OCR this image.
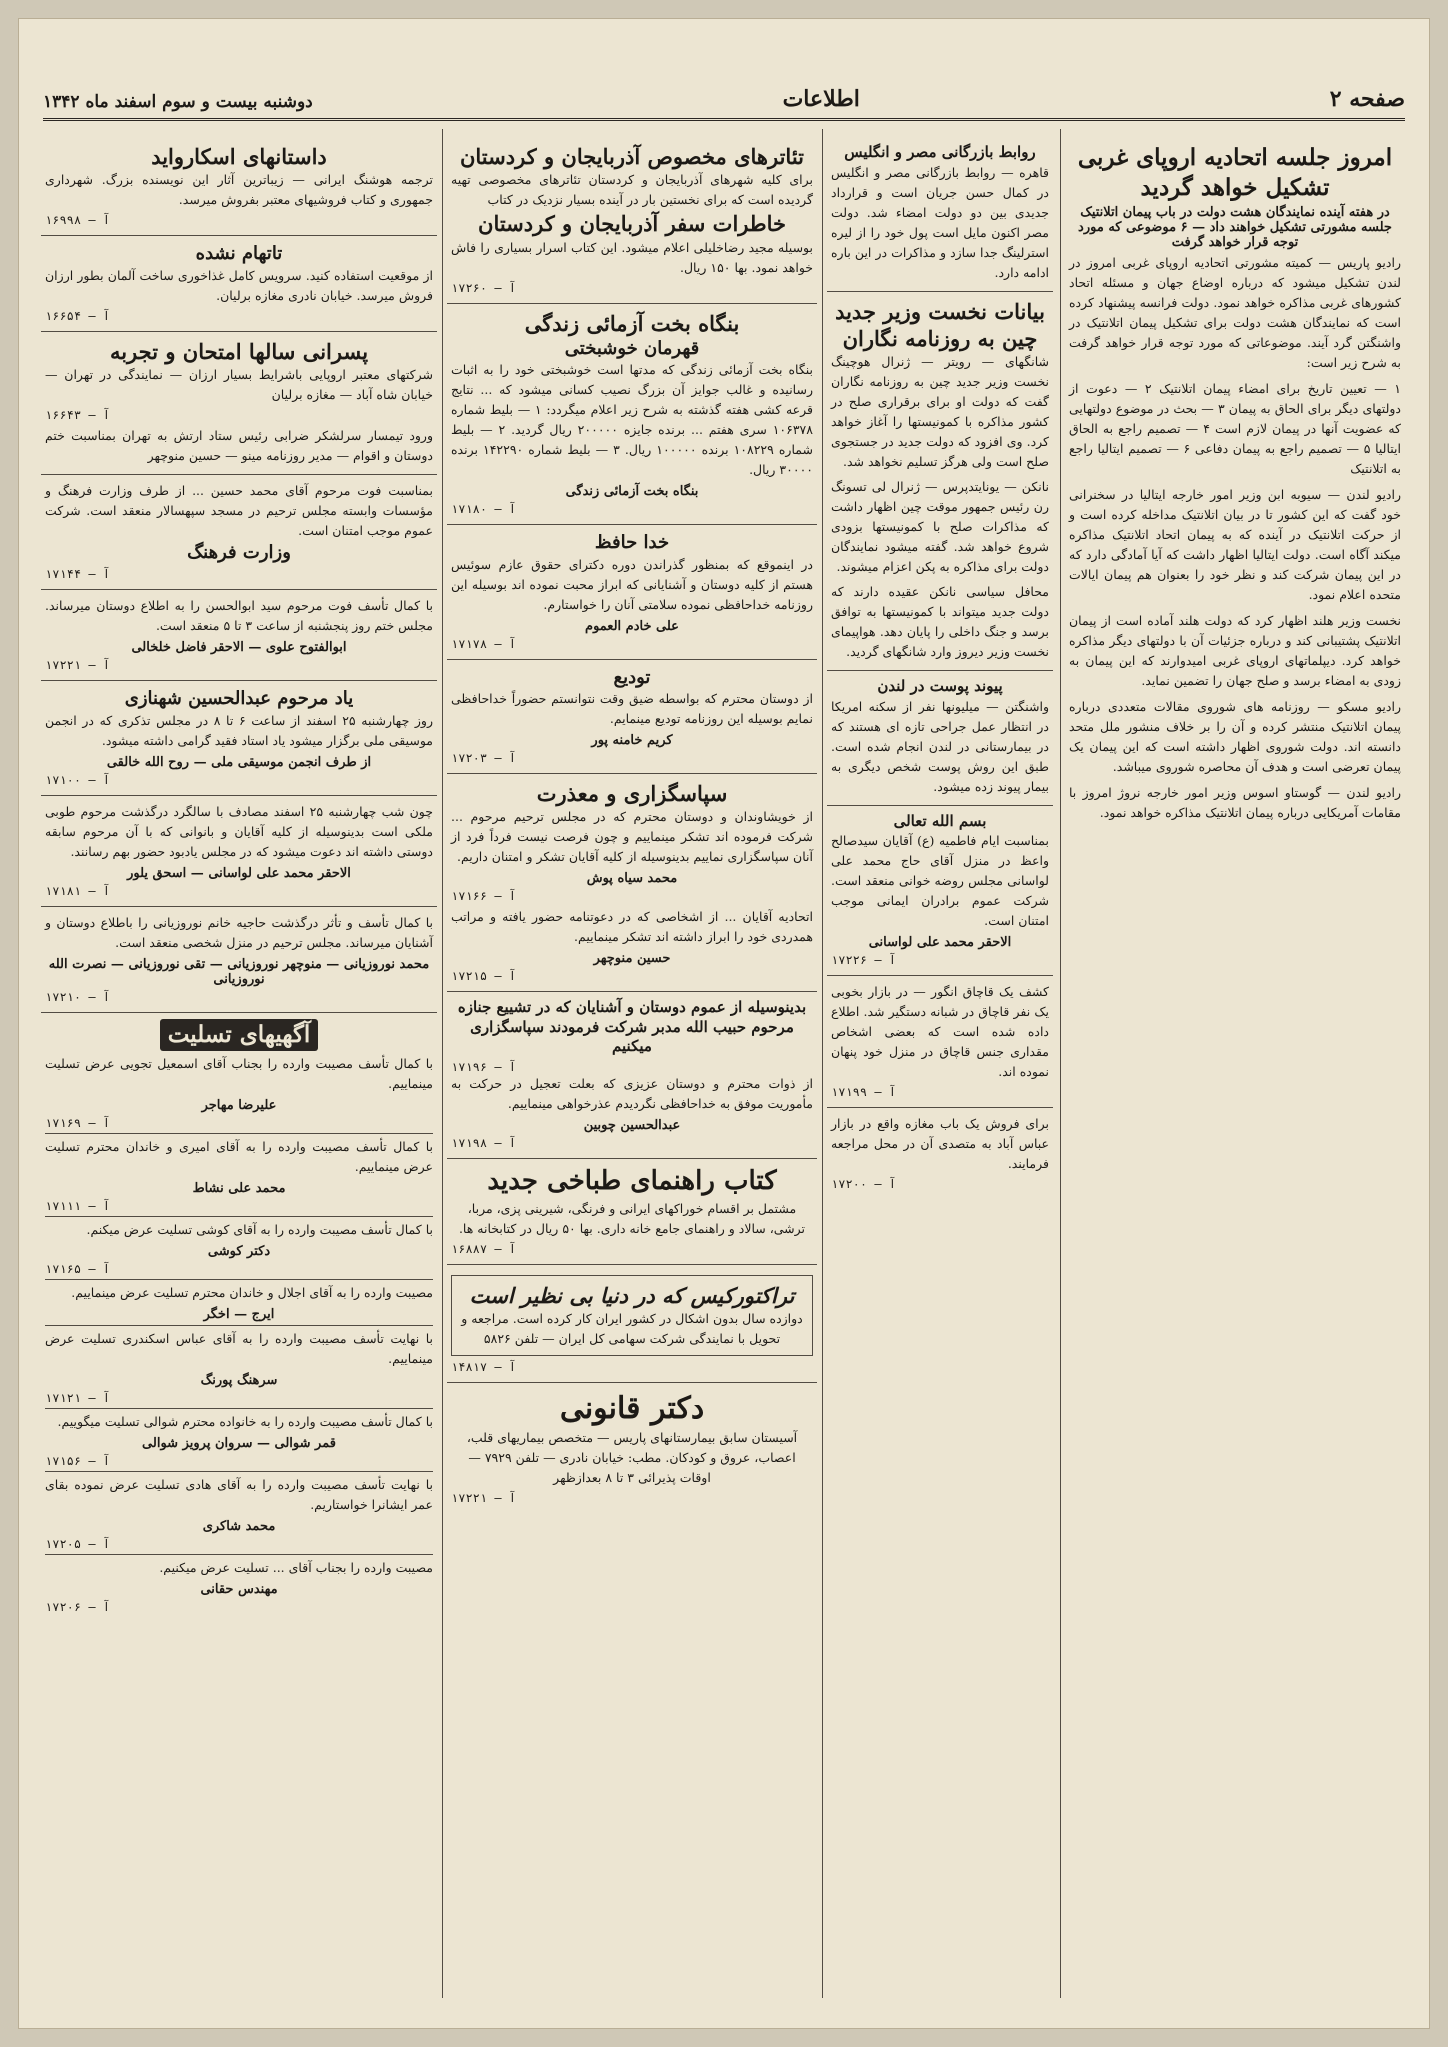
صفحه ۲
اطلاعات
دوشنبه بیست و سوم اسفند ماه ۱۳۴۲
امروز جلسه اتحادیه اروپای غربی تشکیل خواهد گردید
در هفته آینده نمایندگان هشت دولت در باب پیمان اتلانتیک جلسه مشورتی تشکیل خواهند داد — ۶ موضوعی که مورد توجه قرار خواهد گرفت

رادیو پاریس — کمیته مشورتی اتحادیه اروپای غربی امروز در لندن تشکیل میشود که درباره اوضاع جهان و مسئله اتحاد کشورهای غربی مذاکره خواهد نمود. دولت فرانسه پیشنهاد کرده است که نمایندگان هشت دولت برای تشکیل پیمان اتلانتیک در واشنگتن گرد آیند. موضوعاتی که مورد توجه قرار خواهد گرفت به شرح زیر است:

۱ — تعیین تاریخ برای امضاء پیمان اتلانتیک ۲ — دعوت از دولتهای دیگر برای الحاق به پیمان ۳ — بحث در موضوع دولتهایی که عضویت آنها در پیمان لازم است ۴ — تصمیم راجع به الحاق ایتالیا ۵ — تصمیم راجع به پیمان دفاعی ۶ — تصمیم ایتالیا راجع به اتلانتیک

رادیو لندن — سیوبه ابن وزیر امور خارجه ایتالیا در سخنرانی خود گفت که این کشور تا در بیان اتلانتیک مداخله کرده است و از حرکت اتلانتیک در آینده که به پیمان اتحاد اتلانتیک مذاکره میکند آگاه است. دولت ایتالیا اظهار داشت که آیا آمادگی دارد که در این پیمان شرکت کند و نظر خود را بعنوان هم پیمان ایالات متحده اعلام نمود.

نخست وزیر هلند اظهار کرد که دولت هلند آماده است از پیمان اتلانتیک پشتیبانی کند و درباره جزئیات آن با دولتهای دیگر مذاکره خواهد کرد. دیپلماتهای اروپای غربی امیدوارند که این پیمان به زودی به امضاء برسد و صلح جهان را تضمین نماید.

رادیو مسکو — روزنامه های شوروی مقالات متعددی درباره پیمان اتلانتیک منتشر کرده و آن را بر خلاف منشور ملل متحد دانسته اند. دولت شوروی اظهار داشته است که این پیمان یک پیمان تعرضی است و هدف آن محاصره شوروی میباشد.

رادیو لندن — گوستاو اسوس وزیر امور خارجه نروژ امروز با مقامات آمریکایی درباره پیمان اتلانتیک مذاکره خواهد نمود.

روابط بازرگانی مصر و انگلیس

قاهره — روابط بازرگانی مصر و انگلیس در کمال حسن جریان است و قرارداد جدیدی بین دو دولت امضاء شد. دولت مصر اکنون مایل است پول خود را از لیره استرلینگ جدا سازد و مذاکرات در این باره ادامه دارد.

بیانات نخست وزیر جدید چین به روزنامه نگاران

شانگهای — رویتر — ژنرال هوچینگ نخست وزیر جدید چین به روزنامه نگاران گفت که دولت او برای برقراری صلح در کشور مذاکره با کمونیستها را آغاز خواهد کرد. وی افزود که دولت جدید در جستجوی صلح است ولی هرگز تسلیم نخواهد شد.

نانکن — یونایتدپرس — ژنرال لی تسونگ رن رئیس جمهور موقت چین اظهار داشت که مذاکرات صلح با کمونیستها بزودی شروع خواهد شد. گفته میشود نمایندگان دولت برای مذاکره به پکن اعزام میشوند.

محافل سیاسی نانکن عقیده دارند که دولت جدید میتواند با کمونیستها به توافق برسد و جنگ داخلی را پایان دهد. هواپیمای نخست وزیر دیروز وارد شانگهای گردید.

پیوند پوست در لندن

واشنگتن — میلیونها نفر از سکنه امریکا در انتظار عمل جراحی تازه ای هستند که در بیمارستانی در لندن انجام شده است. طبق این روش پوست شخص دیگری به بیمار پیوند زده میشود.

بسم الله تعالی

بمناسبت ایام فاطمیه (ع) آقایان سیدصالح واعظ در منزل آقای حاج محمد علی لواسانی مجلس روضه خوانی منعقد است. شرکت عموم برادران ایمانی موجب امتنان است.

الاحقر محمد علی لواسانی
آ — ۱۷۲۲۶

کشف یک قاچاق انگور — در بازار بخوبی یک نفر قاچاق در شبانه دستگیر شد. اطلاع داده شده است که بعضی اشخاص مقداری جنس قاچاق در منزل خود پنهان نموده اند.

آ — ۱۷۱۹۹

برای فروش یک باب مغازه واقع در بازار عباس آباد به متصدی آن در محل مراجعه فرمایند.

آ — ۱۷۲۰۰
تئاترهای مخصوص آذربایجان و کردستان

برای کلیه شهرهای آذربایجان و کردستان تئاترهای مخصوصی تهیه گردیده است که برای نخستین بار در آینده بسیار نزدیک در کتاب

خاطرات سفر آذربایجان و کردستان

بوسیله مجید رضاخلیلی اعلام میشود. این کتاب اسرار بسیاری را فاش خواهد نمود. بها ۱۵۰ ریال.

آ — ۱۷۲۶۰
بنگاه بخت آزمائی زندگی
قهرمان خوشبختی

بنگاه بخت آزمائی زندگی که مدتها است خوشبختی خود را به اثبات رسانیده و غالب جوایز آن بزرگ نصیب کسانی میشود که ... نتایج قرعه کشی هفته گذشته به شرح زیر اعلام میگردد: ۱ — بلیط شماره ۱۰۶۳۷۸ سری هفتم ... برنده جایزه ۲۰۰۰۰۰ ریال گردید. ۲ — بلیط شماره ۱۰۸۲۲۹ برنده ۱۰۰۰۰۰ ریال. ۳ — بلیط شماره ۱۴۲۲۹۰ برنده ۳۰۰۰۰ ریال.

بنگاه بخت آزمائی زندگی
آ — ۱۷۱۸۰
خدا حافظ

در اینموقع که بمنظور گذراندن دوره دکترای حقوق عازم سوئیس هستم از کلیه دوستان و آشنایانی که ابراز محبت نموده اند بوسیله این روزنامه خداحافظی نموده سلامتی آنان را خواستارم.

علی خادم العموم
آ — ۱۷۱۷۸
تودیع

از دوستان محترم که بواسطه ضیق وقت نتوانستم حضوراً خداحافظی نمایم بوسیله این روزنامه تودیع مینمایم.

کریم خامنه پور
آ — ۱۷۲۰۳
سپاسگزاری و معذرت

از خویشاوندان و دوستان محترم که در مجلس ترحیم مرحوم ... شرکت فرموده اند تشکر مینماییم و چون فرصت نیست فرداً فرد از آنان سپاسگزاری نماییم بدینوسیله از کلیه آقایان تشکر و امتنان داریم.

محمد سیاه پوش
آ — ۱۷۱۶۶

اتحادیه آقایان ... از اشخاصی که در دعوتنامه حضور یافته و مراتب همدردی خود را ابراز داشته اند تشکر مینماییم.

حسین منوچهر
آ — ۱۷۲۱۵
بدینوسیله از عموم دوستان و آشنایان که در تشییع جنازه مرحوم حبیب الله مدبر شرکت فرمودند سپاسگزاری میکنیم
آ — ۱۷۱۹۶

از ذوات محترم و دوستان عزیزی که بعلت تعجیل در حرکت به مأموریت موفق به خداحافظی نگردیدم عذرخواهی مینماییم.

عبدالحسین چوبین
آ — ۱۷۱۹۸
کتاب راهنمای طباخی جدید

مشتمل بر اقسام خوراکهای ایرانی و فرنگی، شیرینی پزی، مربا، ترشی، سالاد و راهنمای جامع خانه داری. بها ۵۰ ریال در کتابخانه ها.

آ — ۱۶۸۸۷
تراکتورکیس که در دنیا بی نظیر است

دوازده سال بدون اشکال در کشور ایران کار کرده است. مراجعه و تحویل با نمایندگی شرکت سهامی کل ایران — تلفن ۵۸۲۶

آ — ۱۴۸۱۷
دکتر قانونی

آسیستان سابق بیمارستانهای پاریس — متخصص بیماریهای قلب، اعصاب، عروق و کودکان. مطب: خیابان نادری — تلفن ۷۹۲۹ — اوقات پذیرائی ۳ تا ۸ بعدازظهر

آ — ۱۷۲۲۱
داستانهای اسکارواید

ترجمه هوشنگ ایرانی — زیباترین آثار این نویسنده بزرگ. شهرداری جمهوری و کتاب فروشیهای معتبر بفروش میرسد.

آ — ۱۶۹۹۸
تاتهام نشده

از موقعیت استفاده کنید. سرویس کامل غذاخوری ساخت آلمان بطور ارزان فروش میرسد. خیابان نادری مغازه برلیان.

آ — ۱۶۶۵۴
پسرانی سالها امتحان و تجربه

شرکتهای معتبر اروپایی باشرایط بسیار ارزان — نمایندگی در تهران — خیابان شاه آباد — مغازه برلیان

آ — ۱۶۶۴۳

ورود تیمسار سرلشکر ضرابی رئیس ستاد ارتش به تهران بمناسبت ختم دوستان و اقوام — مدیر روزنامه مینو — حسین منوچهر

بمناسبت فوت مرحوم آقای محمد حسین ... از طرف وزارت فرهنگ و مؤسسات وابسته مجلس ترحیم در مسجد سپهسالار منعقد است. شرکت عموم موجب امتنان است.

وزارت فرهنگ
آ — ۱۷۱۴۴

با کمال تأسف فوت مرحوم سید ابوالحسن را به اطلاع دوستان میرساند. مجلس ختم روز پنجشنبه از ساعت ۳ تا ۵ منعقد است.

ابوالفتوح علوی — الاحقر فاضل خلخالی
آ — ۱۷۲۲۱
یاد مرحوم عبدالحسین شهنازی

روز چهارشنبه ۲۵ اسفند از ساعت ۶ تا ۸ در مجلس تذکری که در انجمن موسیقی ملی برگزار میشود یاد استاد فقید گرامی داشته میشود.

از طرف انجمن موسیقی ملی — روح الله خالقی
آ — ۱۷۱۰۰

چون شب چهارشنبه ۲۵ اسفند مصادف با سالگرد درگذشت مرحوم طوبی ملکی است بدینوسیله از کلیه آقایان و بانوانی که با آن مرحوم سابقه دوستی داشته اند دعوت میشود که در مجلس یادبود حضور بهم رسانند.

الاحقر محمد علی لواسانی — اسحق یلور
آ — ۱۷۱۸۱

با کمال تأسف و تأثر درگذشت حاجیه خانم نوروزیانی را باطلاع دوستان و آشنایان میرساند. مجلس ترحیم در منزل شخصی منعقد است.

محمد نوروزیانی — منوچهر نوروزیانی — تقی نوروزیانی — نصرت الله نوروزیانی
آ — ۱۷۲۱۰
آگهیهای تسلیت

با کمال تأسف مصیبت وارده را بجناب آقای اسمعیل تجویی عرض تسلیت مینماییم.

علیرضا مهاجر
آ — ۱۷۱۶۹

با کمال تأسف مصیبت وارده را به آقای امیری و خاندان محترم تسلیت عرض مینماییم.

محمد علی نشاط
آ — ۱۷۱۱۱

با کمال تأسف مصیبت وارده را به آقای کوشی تسلیت عرض میکنم.

دکتر کوشی
آ — ۱۷۱۶۵

مصیبت وارده را به آقای اجلال و خاندان محترم تسلیت عرض مینماییم.

ایرج — اخگر

با نهایت تأسف مصیبت وارده را به آقای عباس اسکندری تسلیت عرض مینماییم.

سرهنگ پورنگ
آ — ۱۷۱۲۱

با کمال تأسف مصیبت وارده را به خانواده محترم شوالی تسلیت میگوییم.

قمر شوالی — سروان پرویز شوالی
آ — ۱۷۱۵۶

با نهایت تأسف مصیبت وارده را به آقای هادی تسلیت عرض نموده بقای عمر ایشانرا خواستاریم.

محمد شاکری
آ — ۱۷۲۰۵

مصیبت وارده را بجناب آقای ... تسلیت عرض میکنیم.

مهندس حقانی
آ — ۱۷۲۰۶
